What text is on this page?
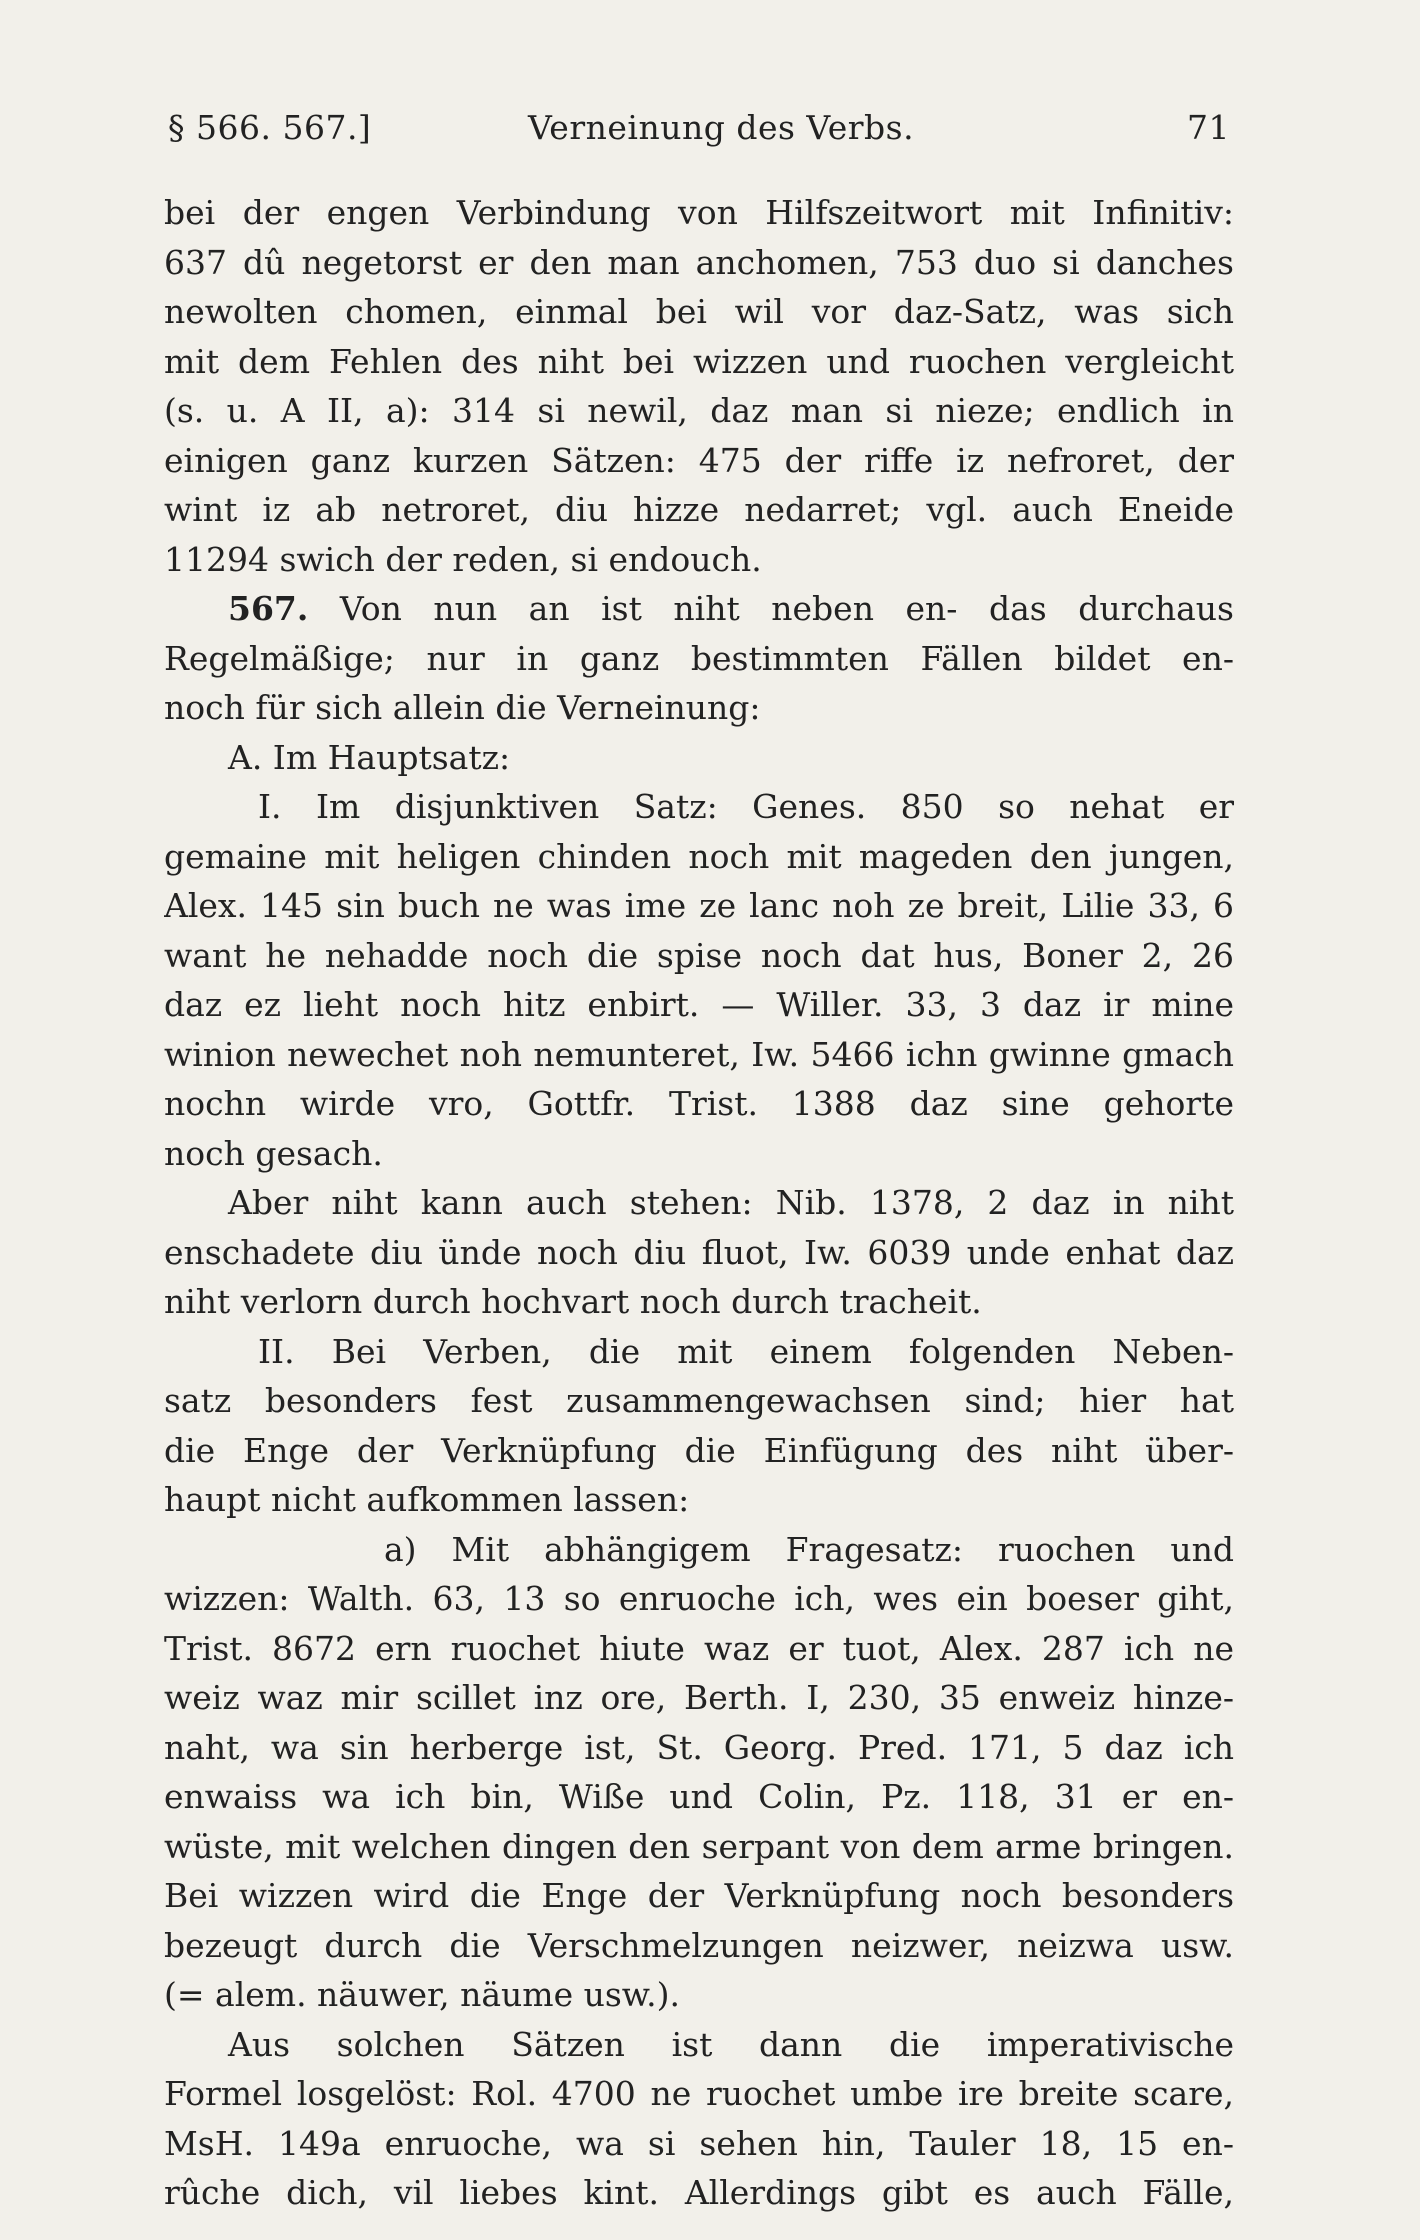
§ 566. 567.]	Verneinung des Verbs.	71
bei der engen Verbindung von Hilfszeitwort mit Infinitiv:
637 dû negetorst er den man anchomen, 753 duo si danches
newolten chomen, einmal bei wil vor daz-Satz, was sich
mit dem Fehlen des niht bei wizzen und ruochen vergleicht
(s. u. A II, a): 314 si newil, daz man si nieze; endlich in
einigen ganz kurzen Sätzen: 475 der riffe iz nefroret, der
wint iz ab netroret, diu hizze nedarret; vgl. auch Eneide
11294 swich der reden, si endouch.
567. Von nun an ist niht neben en- das durchaus
Regelmäßige; nur in ganz bestimmten Fällen bildet en-
noch für sich allein die Verneinung:
A. Im Hauptsatz:
I. Im disjunktiven Satz: Genes. 850 so nehat er
gemaine mit heligen chinden noch mit mageden den jungen,
Alex. 145 sin buch ne was ime ze lanc noh ze breit, Lilie 33, 6
want he nehadde noch die spise noch dat hus, Boner 2, 26
daz ez lieht noch hitz enbirt. — Willer. 33, 3 daz ir mine
winion newechet noh nemunteret, Iw. 5466 ichn gwinne gmach
nochn wirde vro, Gottfr. Trist. 1388 daz sine gehorte
noch gesach.
Aber niht kann auch stehen: Nib. 1378, 2 daz in niht
enschadete diu ünde noch diu fluot, Iw. 6039 unde enhat daz
niht verlorn durch hochvart noch durch tracheit.
II. Bei Verben, die mit einem folgenden Neben-
satz besonders fest zusammengewachsen sind; hier hat
die Enge der Verknüpfung die Einfügung des niht über-
haupt nicht aufkommen lassen:
a) Mit abhängigem Fragesatz: ruochen und
wizzen: Walth. 63, 13 so enruoche ich, wes ein boeser giht,
Trist. 8672 ern ruochet hiute waz er tuot, Alex. 287 ich ne
weiz waz mir scillet inz ore, Berth. I, 230, 35 enweiz hinze-
naht, wa sin herberge ist, St. Georg. Pred. 171, 5 daz ich
enwaiss wa ich bin, Wiße und Colin, Pz. 118, 31 er en-
wüste, mit welchen dingen den serpant von dem arme bringen.
Bei wizzen wird die Enge der Verknüpfung noch besonders
bezeugt durch die Verschmelzungen neizwer, neizwa usw.
(= alem. näuwer, näume usw.).
Aus solchen Sätzen ist dann die imperativische
Formel losgelöst: Rol. 4700 ne ruochet umbe ire breite scare,
MsH. 149a enruoche, wa si sehen hin, Tauler 18, 15 en-
rûche dich, vil liebes kint. Allerdings gibt es auch Fälle,
